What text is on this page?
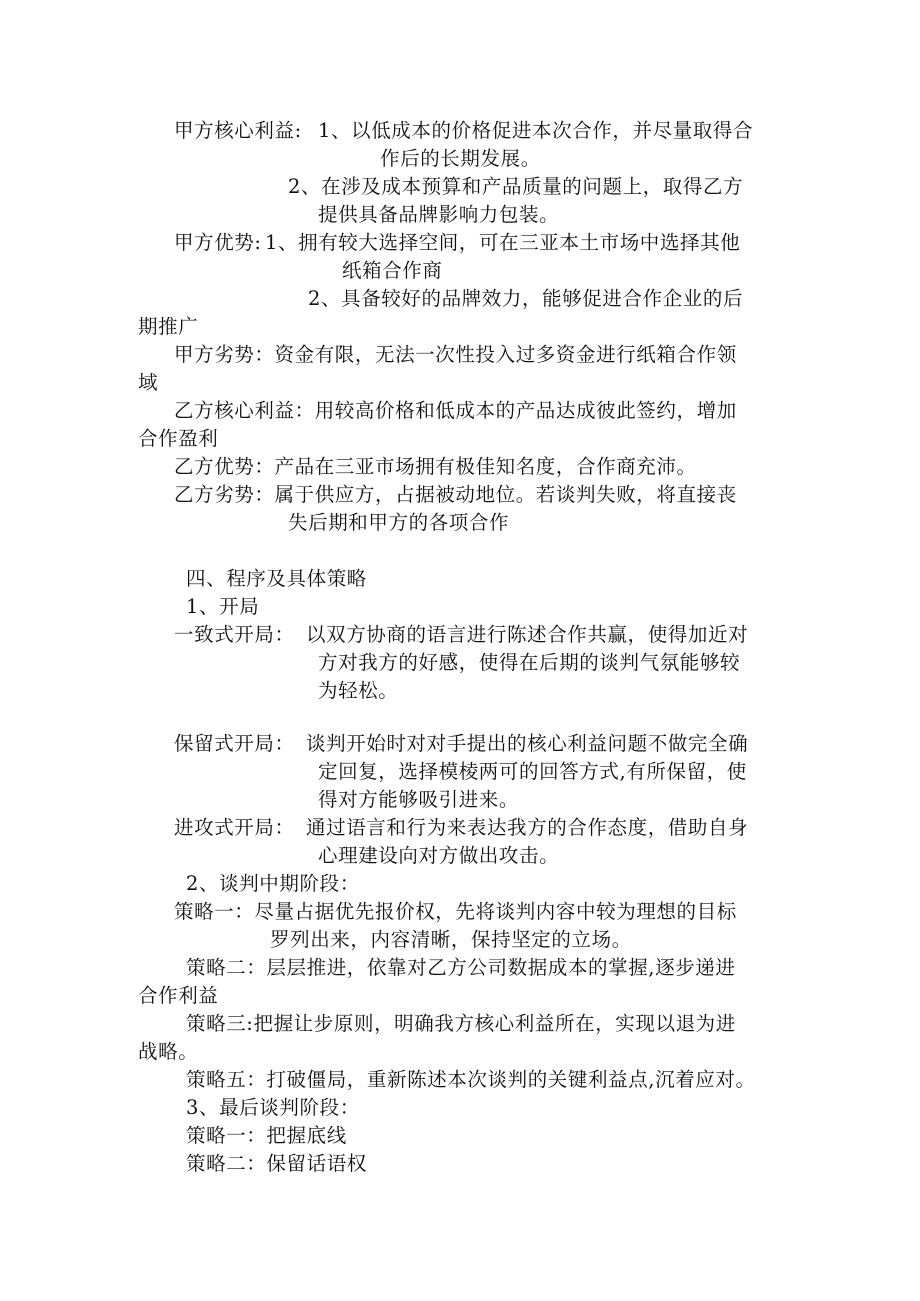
甲方核心利益: 1、以低成本的价格促进本次合作，并尽量取得合
作后的长期发展。
2、在涉及成本预算和产品质量的问题上，取得乙方
提供具备品牌影响力包装。
甲方优势: 1、拥有较大选择空间，可在三亚本土市场中选择其他
纸箱合作商
2、具备较好的品牌效力，能够促进合作企业的后
期推广
甲方劣势：资金有限，无法一次性投入过多资金进行纸箱合作领
域
乙方核心利益：用较高价格和低成本的产品达成彼此签约，增加
合作盈利
乙方优势：产品在三亚市场拥有极佳知名度，合作商充沛。
乙方劣势：属于供应方，占据被动地位。若谈判失败，将直接丧
失后期和甲方的各项合作
四、程序及具体策略
1、开局
一致式开局： 以双方协商的语言进行陈述合作共赢，使得加近对
方对我方的好感，使得在后期的谈判气氛能够较
为轻松。
保留式开局： 谈判开始时对对手提出的核心利益问题不做完全确
定回复，选择模棱两可的回答方式,有所保留，使
得对方能够吸引进来。
进攻式开局： 通过语言和行为来表达我方的合作态度，借助自身
心理建设向对方做出攻击。
2、谈判中期阶段：
策略一：尽量占据优先报价权，先将谈判内容中较为理想的目标
罗列出来，内容清晰，保持坚定的立场。
策略二：层层推进，依靠对乙方公司数据成本的掌握,逐步递进
合作利益
策略三:把握让步原则，明确我方核心利益所在，实现以退为进
战略。
策略五：打破僵局，重新陈述本次谈判的关键利益点,沉着应对。
3、最后谈判阶段：
策略一：把握底线
策略二：保留话语权
